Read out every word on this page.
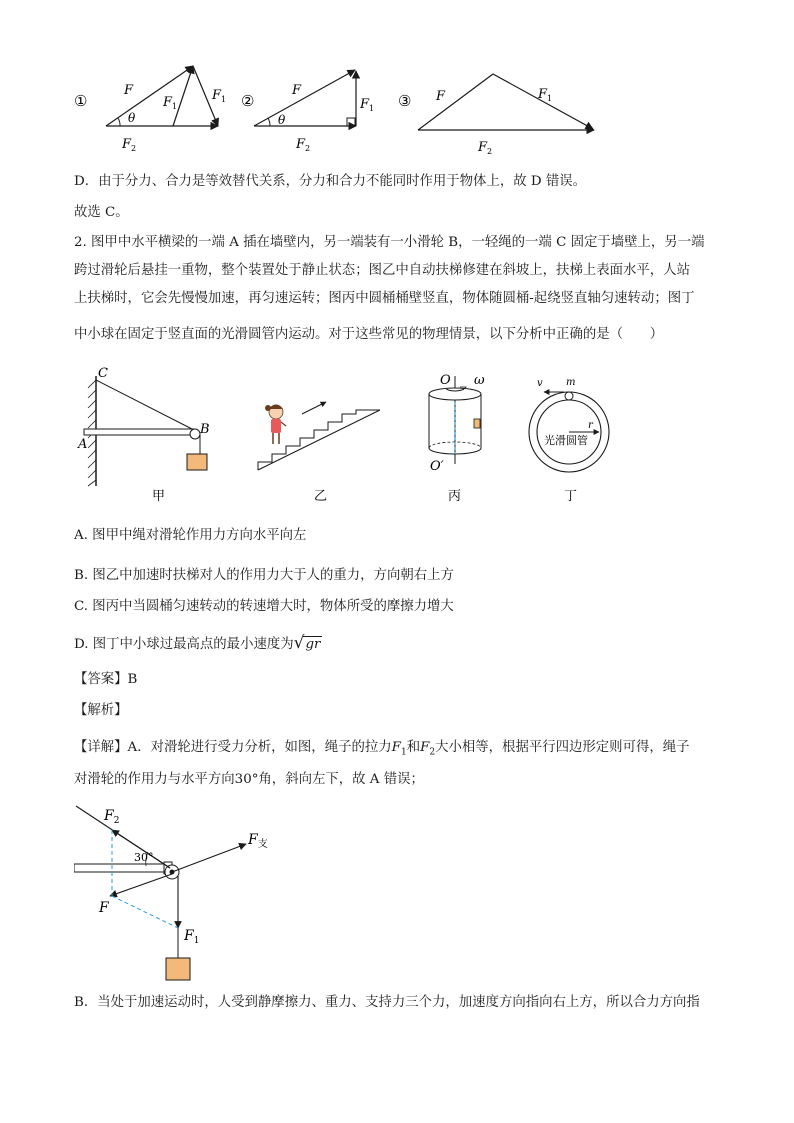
①
F
$F_1$
$F_1$
θ
$F_2$
②
F
$F_1$
θ
$F_2$
③ F	$F_1$
$F_2$
D．由于分力、合力是等效替代关系，分力和合力不能同时作用于物体上，故 D 错误。
故选 C。
2. 图甲中水平横梁的一端 A 插在墙壁内，另一端装有一小滑轮 B，一轻绳的一端 C 固定于墙壁上，另一端
跨过滑轮后悬挂一重物，整个装置处于静止状态；图乙中自动扶梯修建在斜坡上，扶梯上表面水平，人站
上扶梯时，它会先慢慢加速，再匀速运转；图丙中圆桶桶壁竖直，物体随圆桶-起绕竖直轴匀速转动；图丁
中小球在固定于竖直面的光滑圆管内运动。对于这些常见的物理情景，以下分析中正确的是（　　）
C
A
B
甲	乙
O ω
O′
丙
v m
r
光滑圆管
丁
A. 图甲中绳对滑轮作用力方向水平向左
B. 图乙中加速时扶梯对人的作用力大于人的重力，方向朝右上方
C. 图丙中当圆桶匀速转动的转速增大时，物体所受的摩擦力增大
D. 图丁中小球过最高点的最小速度为√gr
【答案】B
【解析】
【详解】A．对滑轮进行受力分析，如图，绳子的拉力$F_1$和$F_2$大小相等，根据平行四边形定则可得，绳子
对滑轮的作用力与水平方向30°角，斜向左下，故 A 错误；
$F_2$
30°
$F_支$
F
$F_1$
B．当处于加速运动时，人受到静摩擦力、重力、支持力三个力，加速度方向指向右上方，所以合力方向指
